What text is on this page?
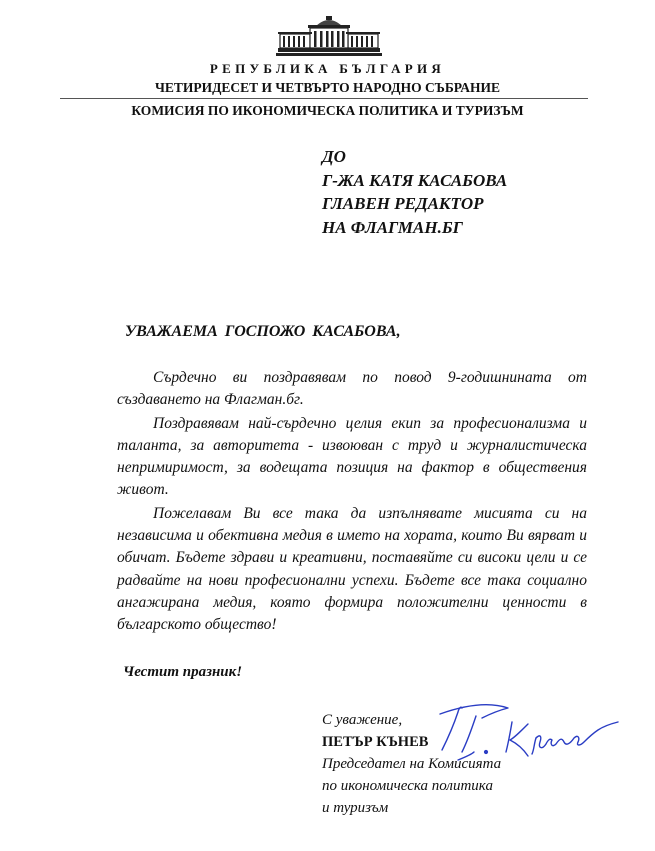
РЕПУБЛИКА БЪЛГАРИЯ
ЧЕТИРИДЕСЕТ И ЧЕТВЪРТО НАРОДНО СЪБРАНИЕ
КОМИСИЯ ПО ИКОНОМИЧЕСКА ПОЛИТИКА И ТУРИЗЪМ
ДО
Г-ЖА КАТЯ КАСАБОВА
ГЛАВЕН РЕДАКТОР
НА ФЛАГМАН.БГ
УВАЖАЕМА ГОСПОЖО КАСАБОВА,

Сърдечно ви поздравявам по повод 9-годишнината от създаването на Флагман.бг.

Поздравявам най-сърдечно целия екип за професионализма и таланта, за авторитета - извоюван с труд и журналистическа непримиримост, за водещата позиция на фактор в обществения живот.

Пожелавам Ви все така да изпълнявате мисията си на независима и обективна медия в името на хората, които Ви вярват и обичат. Бъдете здрави и креативни, поставяйте си високи цели и се радвайте на нови професионални успехи. Бъдете все така социално ангажирана медия, която формира положителни ценности в българското общество!

Честит празник!
С уважение,
ПЕТЪР КЪНЕВ
Председател на Комисията
по икономическа политика
и туризъм
